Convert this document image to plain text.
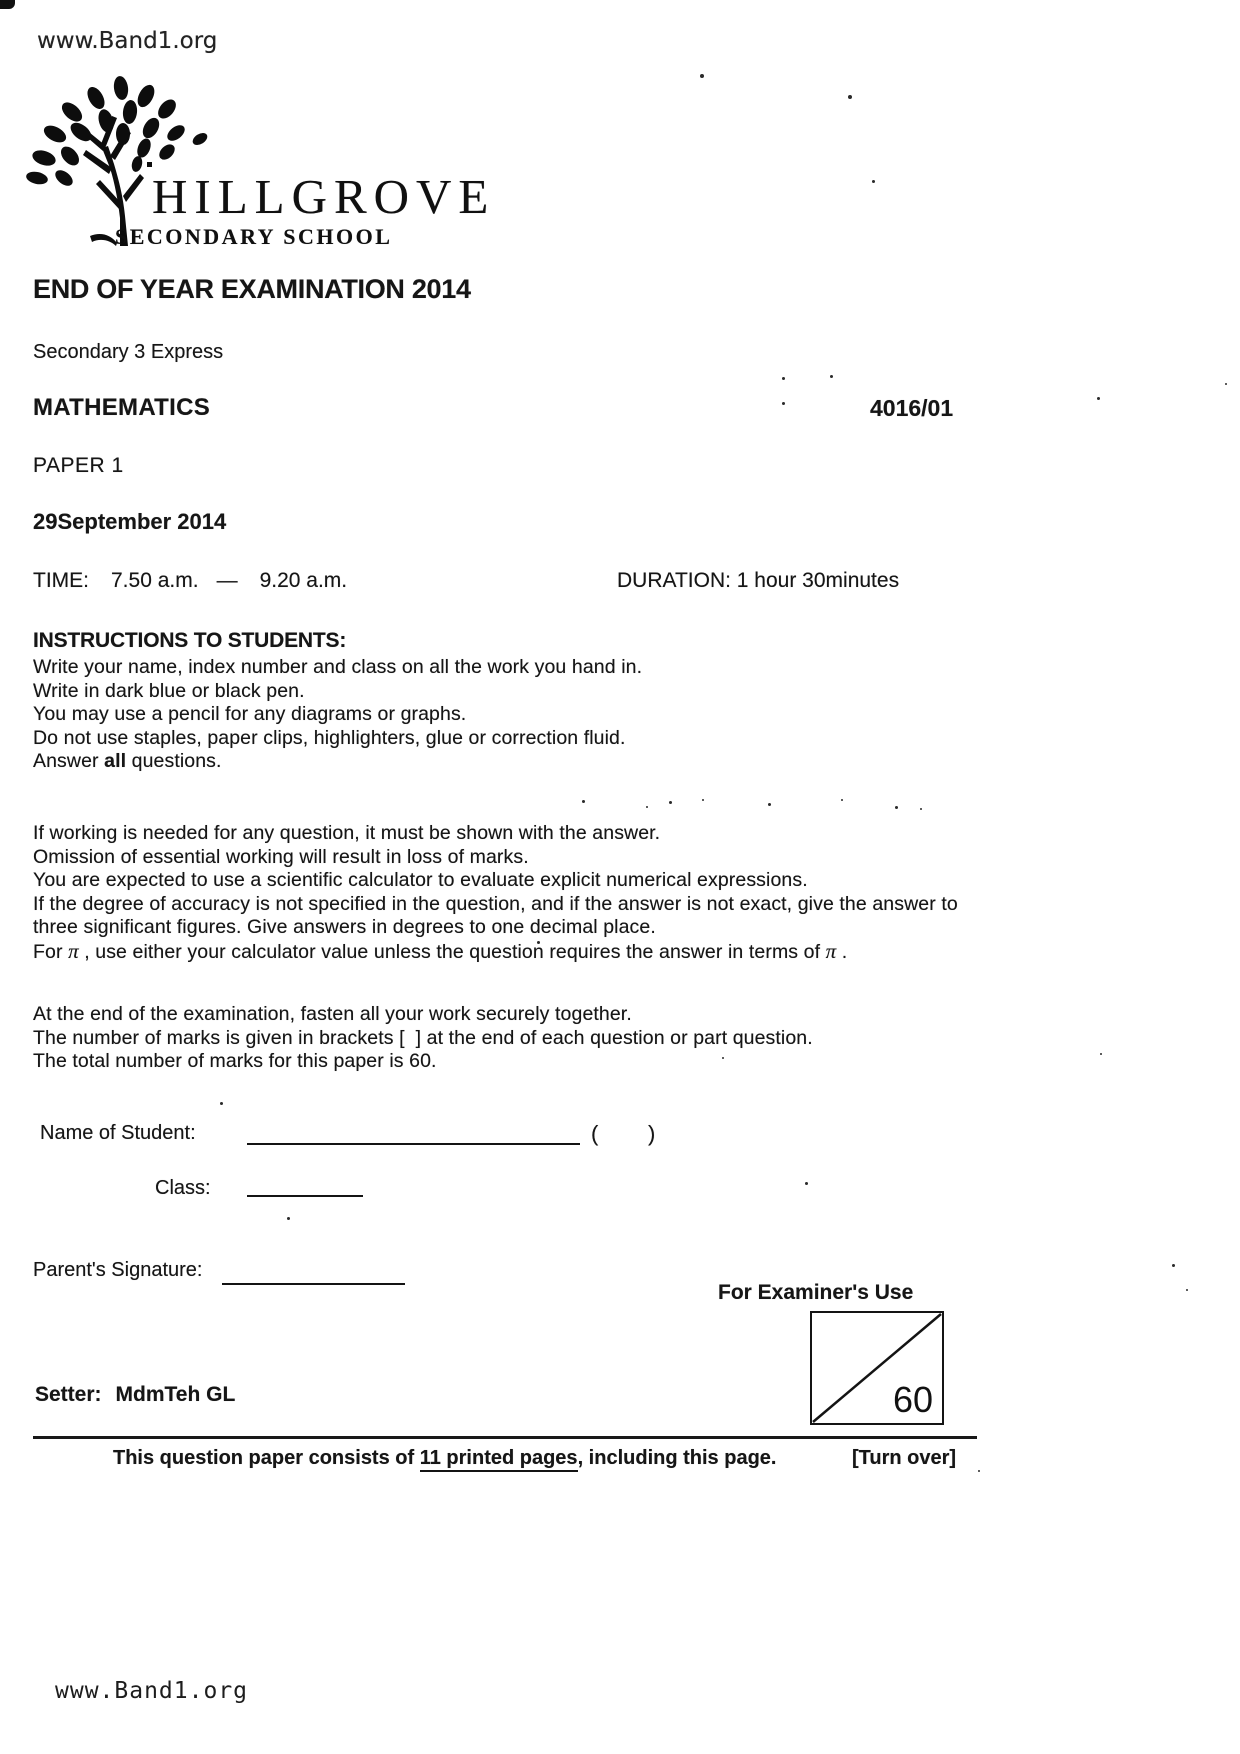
www.Band1.org
HILLGROVE
SECONDARY SCHOOL
END OF YEAR EXAMINATION 2014
Secondary 3 Express
MATHEMATICS	4016/01
PAPER 1
29September 2014
TIME: 7.50 a.m. — 9.20 a.m.	DURATION: 1 hour 30minutes
INSTRUCTIONS TO STUDENTS:
Write your name, index number and class on all the work you hand in.
Write in dark blue or black pen.
You may use a pencil for any diagrams or graphs.
Do not use staples, paper clips, highlighters, glue or correction fluid.
Answer all questions.
If working is needed for any question, it must be shown with the answer.
Omission of essential working will result in loss of marks.
You are expected to use a scientific calculator to evaluate explicit numerical expressions.
If the degree of accuracy is not specified in the question, and if the answer is not exact, give the answer to
three significant figures. Give answers in degrees to one decimal place.
For π , use either your calculator value unless the question requires the answer in terms of π .
At the end of the examination, fasten all your work securely together.
The number of marks is given in brackets [  ] at the end of each question or part question.
The total number of marks for this paper is 60.
Name of Student:	( )
Class:
Parent's Signature:
For Examiner's Use
60
Setter: MdmTeh GL
This question paper consists of 11 printed pages, including this page.	[Turn over]
www.Band1.org
